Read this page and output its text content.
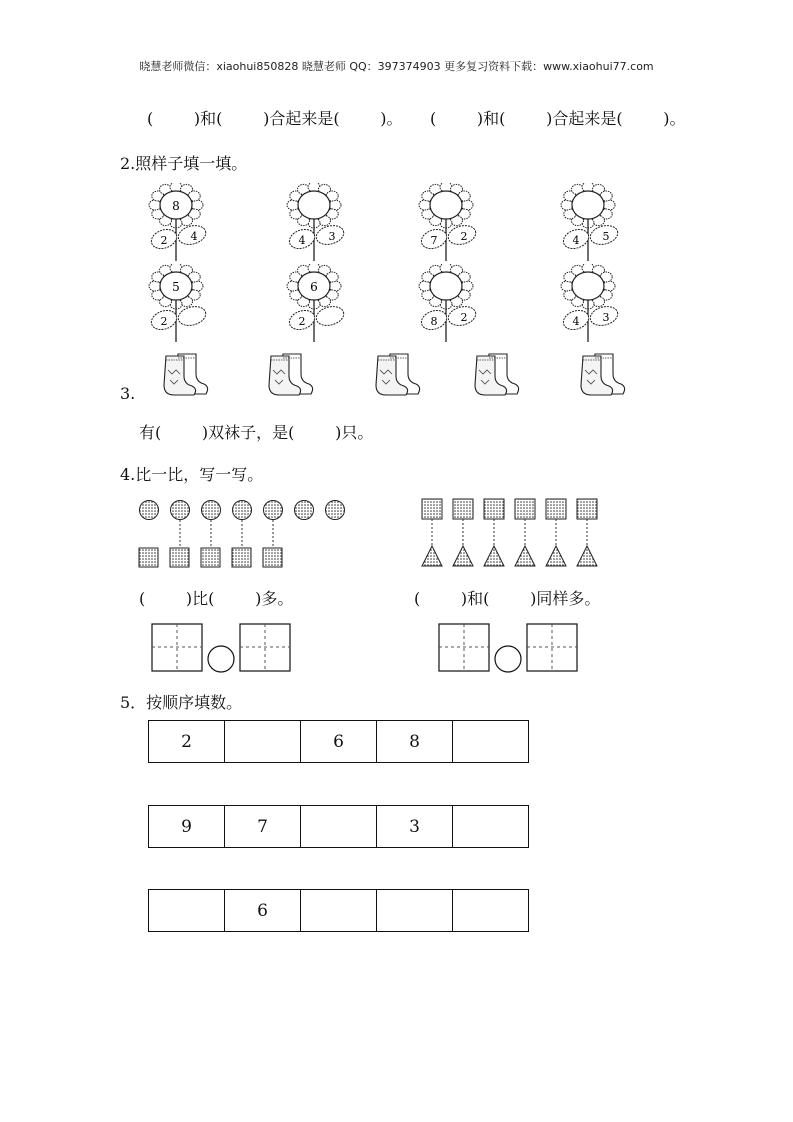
晓慧老师微信：xiaohui850828 晓慧老师 QQ：397374903 更多复习资料下载：www.xiaohui77.com
(        )和(        )合起来是(        )。 (        )和(        )合起来是(        )。
2.照样子填一填。
8
2 4	4 3	7 2	4 5
5
2
6
2	8 2	4 3
3.
有(        )双袜子，是(        )只。
4.比一比，写一写。
(        )比(        )多。	(        )和(        )同样多。
5．按顺序填数。
2		6	8	
9	7		3	
	6			
